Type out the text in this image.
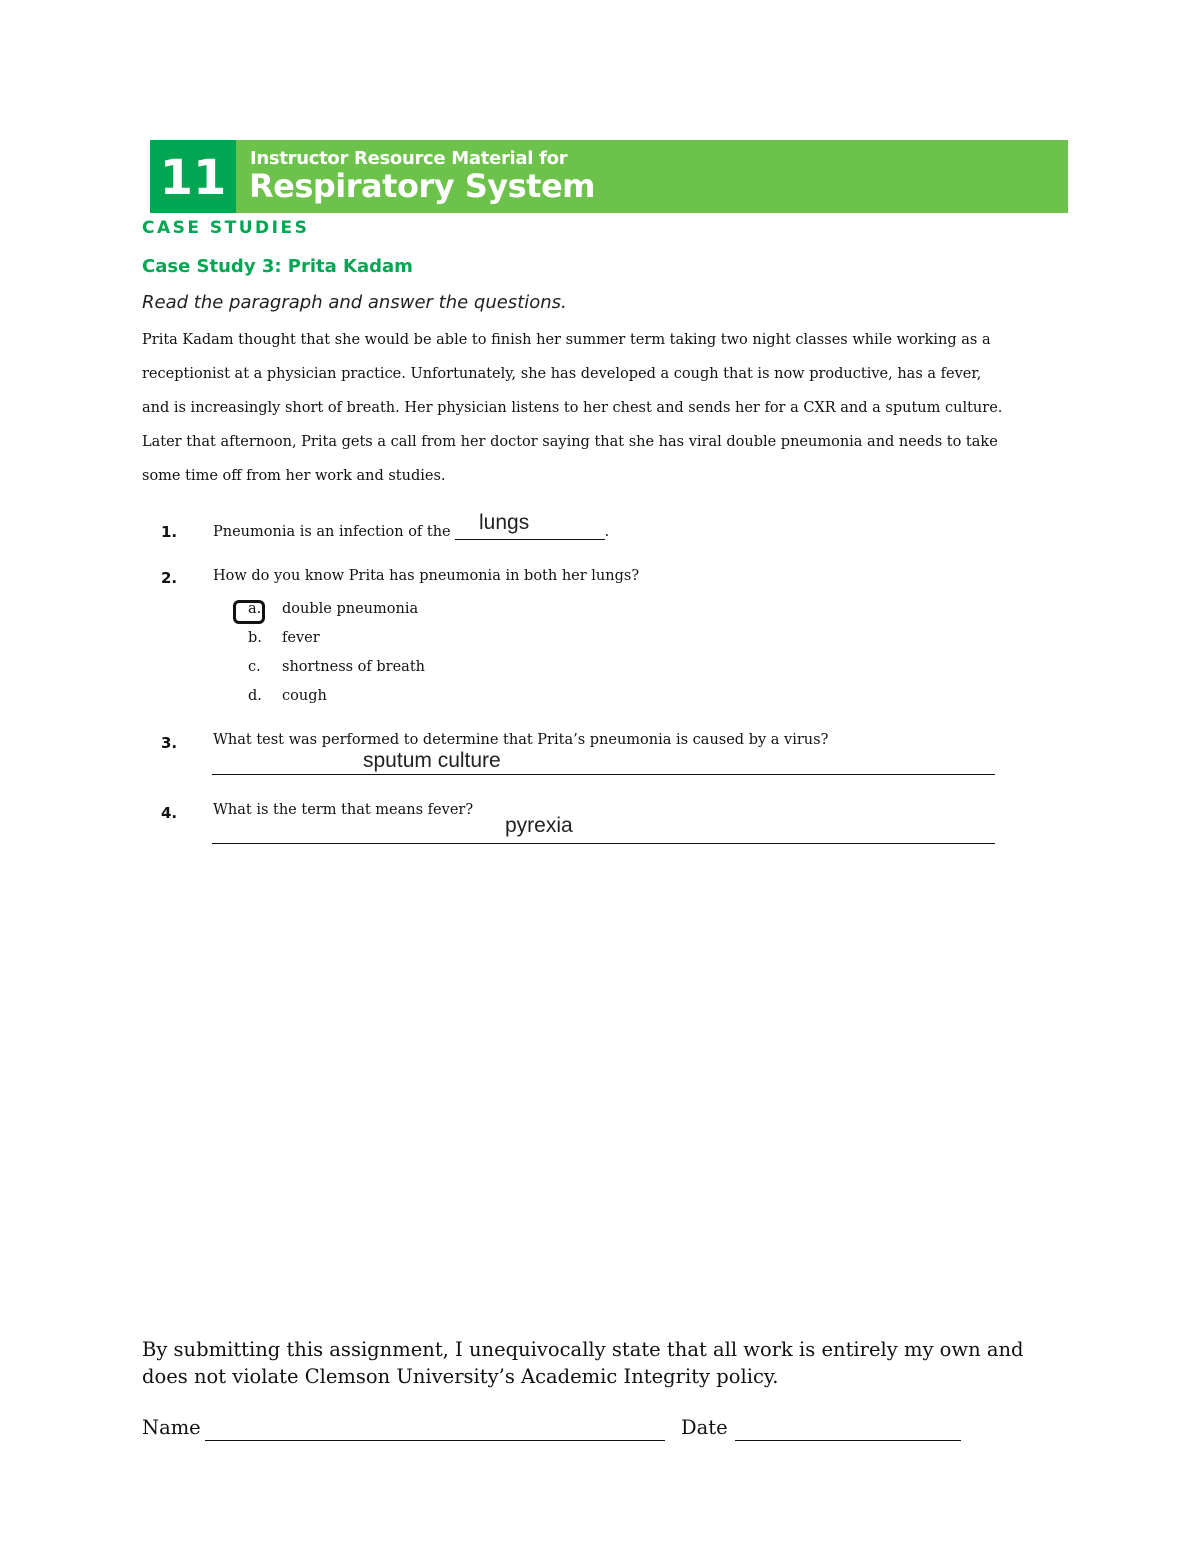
11	Instructor Resource Material for
Respiratory System
CASE STUDIES
Case Study 3: Prita Kadam
Read the paragraph and answer the questions.
Prita Kadam thought that she would be able to finish her summer term taking two night classes while working as a
receptionist at a physician practice. Unfortunately, she has developed a cough that is now productive, has a fever,
and is increasingly short of breath. Her physician listens to her chest and sends her for a CXR and a sputum culture.
Later that afternoon, Prita gets a call from her doctor saying that she has viral double pneumonia and needs to take
some time off from her work and studies.
1. Pneumonia is an infection of the	.
lungs
2. How do you know Prita has pneumonia in both her lungs?
a. double pneumonia
b. fever
c. shortness of breath
d. cough
3. What test was performed to determine that Prita’s pneumonia is caused by a virus?
sputum culture
4. What is the term that means fever?
pyrexia
By submitting this assignment, I unequivocally state that all work is entirely my own and does not violate Clemson University’s Academic Integrity policy.
Name	Date
